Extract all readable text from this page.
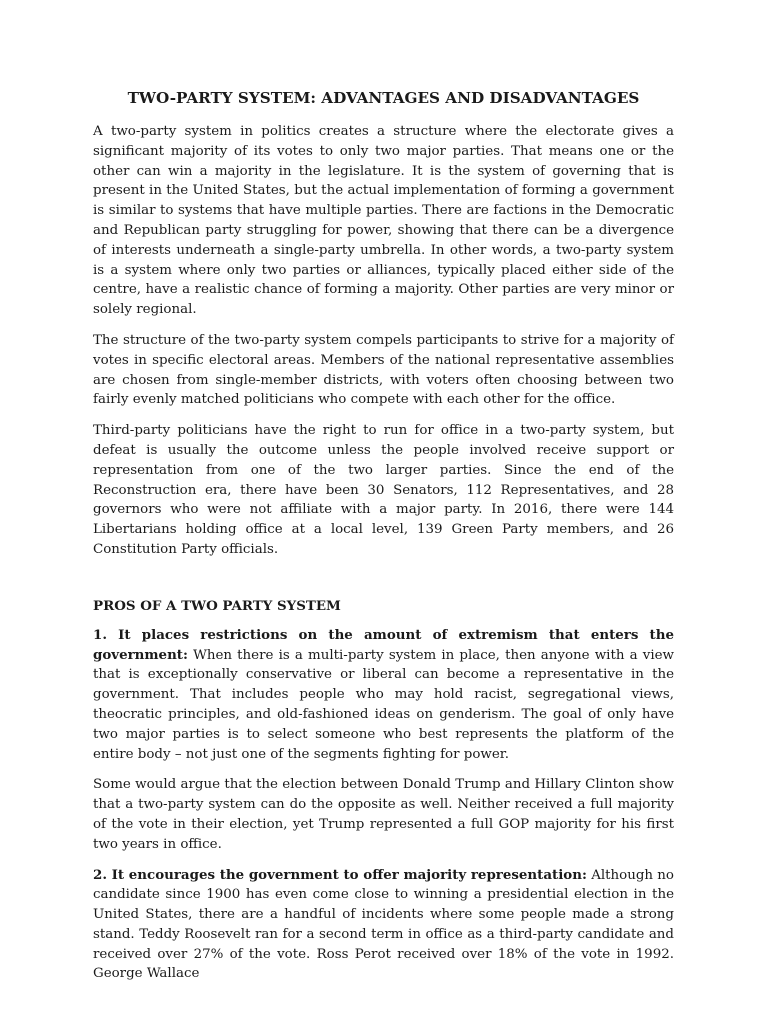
TWO-PARTY SYSTEM: ADVANTAGES AND DISADVANTAGES

A two-party system in politics creates a structure where the electorate gives a significant majority of its votes to only two major parties. That means one or the other can win a majority in the legislature. It is the system of governing that is present in the United States, but the actual implementation of forming a government is similar to systems that have multiple parties. There are factions in the Democratic and Republican party struggling for power, showing that there can be a divergence of interests underneath a single-party umbrella. In other words, a two-party system is a system where only two parties or alliances, typically placed either side of the centre, have a realistic chance of forming a majority. Other parties are very minor or solely regional.

The structure of the two-party system compels participants to strive for a majority of votes in specific electoral areas. Members of the national representative assemblies are chosen from single-member districts, with voters often choosing between two fairly evenly matched politicians who compete with each other for the office.

Third-party politicians have the right to run for office in a two-party system, but defeat is usually the outcome unless the people involved receive support or representation from one of the two larger parties. Since the end of the Reconstruction era, there have been 30 Senators, 112 Representatives, and 28 governors who were not affiliate with a major party. In 2016, there were 144 Libertarians holding office at a local level, 139 Green Party members, and 26 Constitution Party officials.

PROS OF A TWO PARTY SYSTEM

1. It places restrictions on the amount of extremism that enters the government: When there is a multi-party system in place, then anyone with a view that is exceptionally conservative or liberal can become a representative in the government. That includes people who may hold racist, segregational views, theocratic principles, and old-fashioned ideas on genderism. The goal of only have two major parties is to select someone who best represents the platform of the entire body – not just one of the segments fighting for power.

Some would argue that the election between Donald Trump and Hillary Clinton show that a two-party system can do the opposite as well. Neither received a full majority of the vote in their election, yet Trump represented a full GOP majority for his first two years in office.

2. It encourages the government to offer majority representation: Although no candidate since 1900 has even come close to winning a presidential election in the United States, there are a handful of incidents where some people made a strong stand. Teddy Roosevelt ran for a second term in office as a third-party candidate and received over 27% of the vote. Ross Perot received over 18% of the vote in 1992. George Wallace
